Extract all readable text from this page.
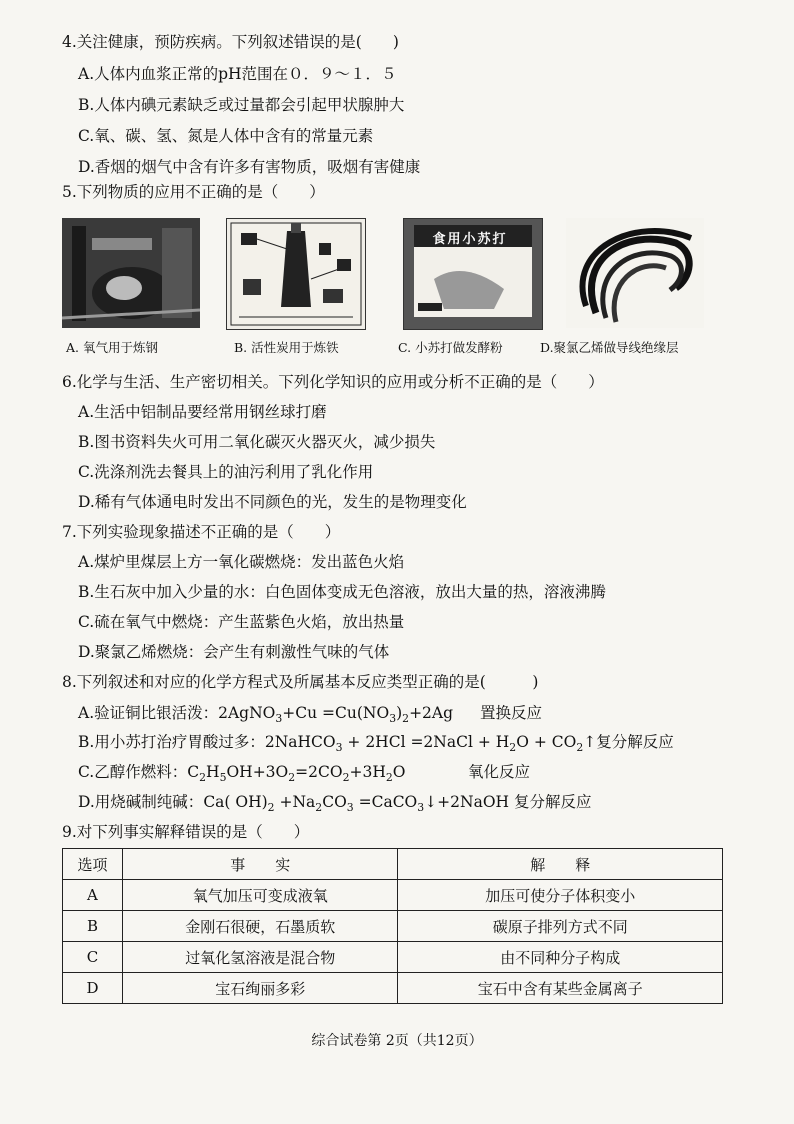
4.关注健康，预防疾病。下列叙述错误的是(　　)
A.人体内血浆正常的pH范围在０．９～１．５
B.人体内碘元素缺乏或过量都会引起甲状腺肿大
C.氧、碳、氢、氮是人体中含有的常量元素
D.香烟的烟气中含有许多有害物质，吸烟有害健康
5.下列物质的应用不正确的是（　　）
食用小苏打
A. 氧气用于炼钢	B. 活性炭用于炼铁	C. 小苏打做发酵粉	D.聚氯乙烯做导线绝缘层
6.化学与生活、生产密切相关。下列化学知识的应用或分析不正确的是（　　）
A.生活中铝制品要经常用钢丝球打磨
B.图书资料失火可用二氧化碳灭火器灭火，减少损失
C.洗涤剂洗去餐具上的油污利用了乳化作用
D.稀有气体通电时发出不同颜色的光，发生的是物理变化
7.下列实验现象描述不正确的是（　　）
A.煤炉里煤层上方一氧化碳燃烧：发出蓝色火焰
B.生石灰中加入少量的水：白色固体变成无色溶液，放出大量的热，溶液沸腾
C.硫在氧气中燃烧：产生蓝紫色火焰，放出热量
D.聚氯乙烯燃烧：会产生有刺激性气味的气体
8.下列叙述和对应的化学方程式及所属基本反应类型正确的是(　　　)
A.验证铜比银活泼：2AgNO$_3$+Cu $=Cu(NO_3)_2+2Ag$ 置换反应
B.用小苏打治疗胃酸过多：2NaHCO$_3$ + 2HCl =2NaCl + $H_2O$ + $CO_2↑$复分解反应
C.乙醇作燃料：$C_2H_5OH+3O_2=2CO_2+3H_2O$	氧化反应
D.用烧碱制纯碱：Ca( $OH)_2 +Na_2CO_3$ =CaCO$_3$↓+2NaOH 复分解反应
9.对下列事实解释错误的是（　　）
选项	事　　实	解　　释
A	氧气加压可变成液氧	加压可使分子体积变小
B	金刚石很硬，石墨质软	碳原子排列方式不同
C	过氧化氢溶液是混合物	由不同种分子构成
D	宝石绚丽多彩	宝石中含有某些金属离子
综合试卷第 2页（共12页）
